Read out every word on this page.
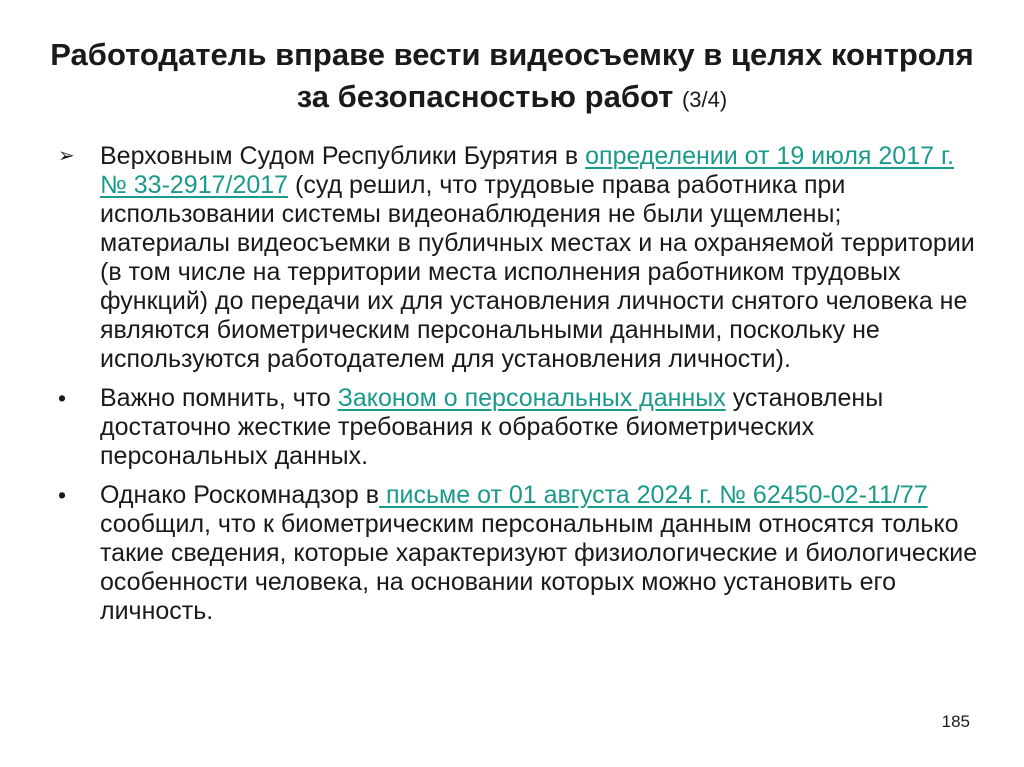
Работодатель вправе вести видеосъемку в целях контроля за безопасностью работ (3/4)
➢	Верховным Судом Республики Бурятия в определении от 19 июля 2017 г. № 33-2917/2017 (суд решил, что трудовые права работника при использовании системы видеонаблюдения не были ущемлены; материалы видеосъемки в публичных местах и на охраняемой территории (в том числе на территории места исполнения работником трудовых функций) до передачи их для установления личности снятого человека не являются биометрическим персональными данными, поскольку не используются работодателем для установления личности).
•	Важно помнить, что Законом о персональных данных установлены достаточно жесткие требования к обработке биометрических персональных данных.
•	Однако Роскомнадзор в письме от 01 августа 2024 г. № 62450-02-11/77 сообщил, что к биометрическим персональным данным относятся только такие сведения, которые характеризуют физиологические и биологические особенности человека, на основании которых можно установить его личность.
185
